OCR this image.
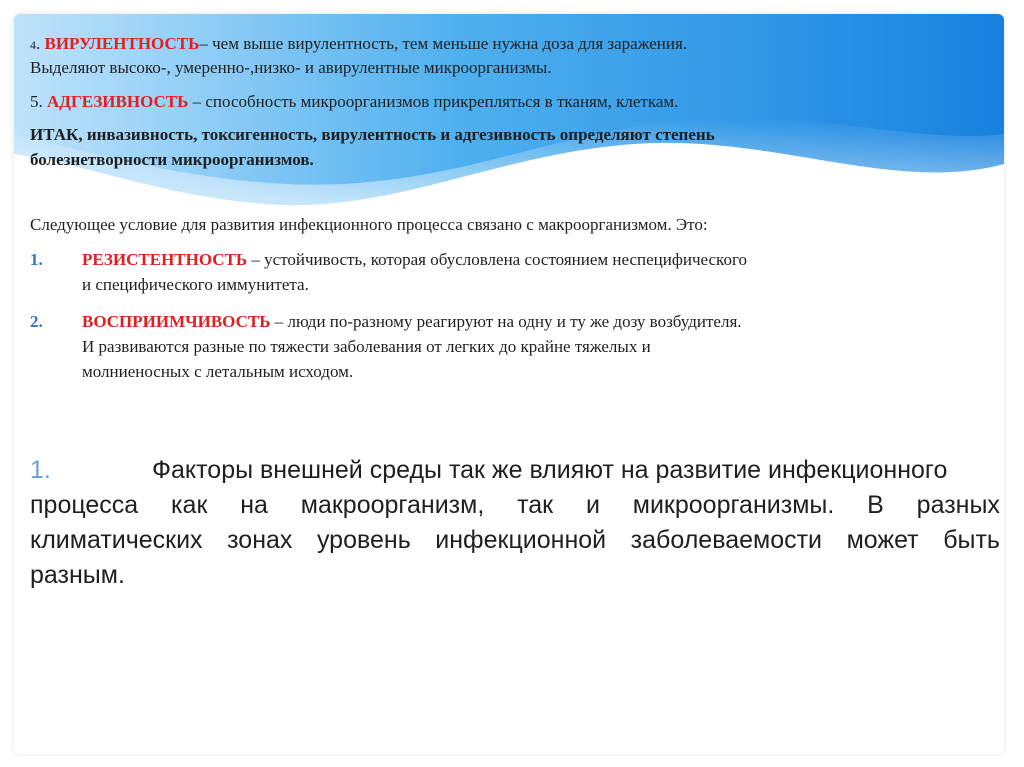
4. ВИРУЛЕНТНОСТЬ– чем выше вирулентность, тем меньше нужна доза для заражения.
Выделяют высоко-, умеренно-,низко- и авирулентные микроорганизмы.
5. АДГЕЗИВНОСТЬ – способность микроорганизмов прикрепляться в тканям, клеткам.
ИТАК, инвазивность, токсигенность, вирулентность и адгезивность определяют степень
болезнетворности микроорганизмов.
Следующее условие для развития инфекционного процесса связано с макроорганизмом. Это:
1. РЕЗИСТЕНТНОСТЬ – устойчивость, которая обусловлена состоянием неспецифического
и специфического иммунитета.
2. ВОСПРИИМЧИВОСТЬ – люди по-разному реагируют на одну и ту же дозу возбудителя.
И развиваются разные по тяжести заболевания от легких до крайне тяжелых и
молниеносных с летальным исходом.
1.	Факторы внешней среды так же влияют на развитие инфекционного
процесса как на макроорганизм, так и микроорганизмы. В разных
климатических зонах уровень инфекционной заболеваемости может быть
разным.
